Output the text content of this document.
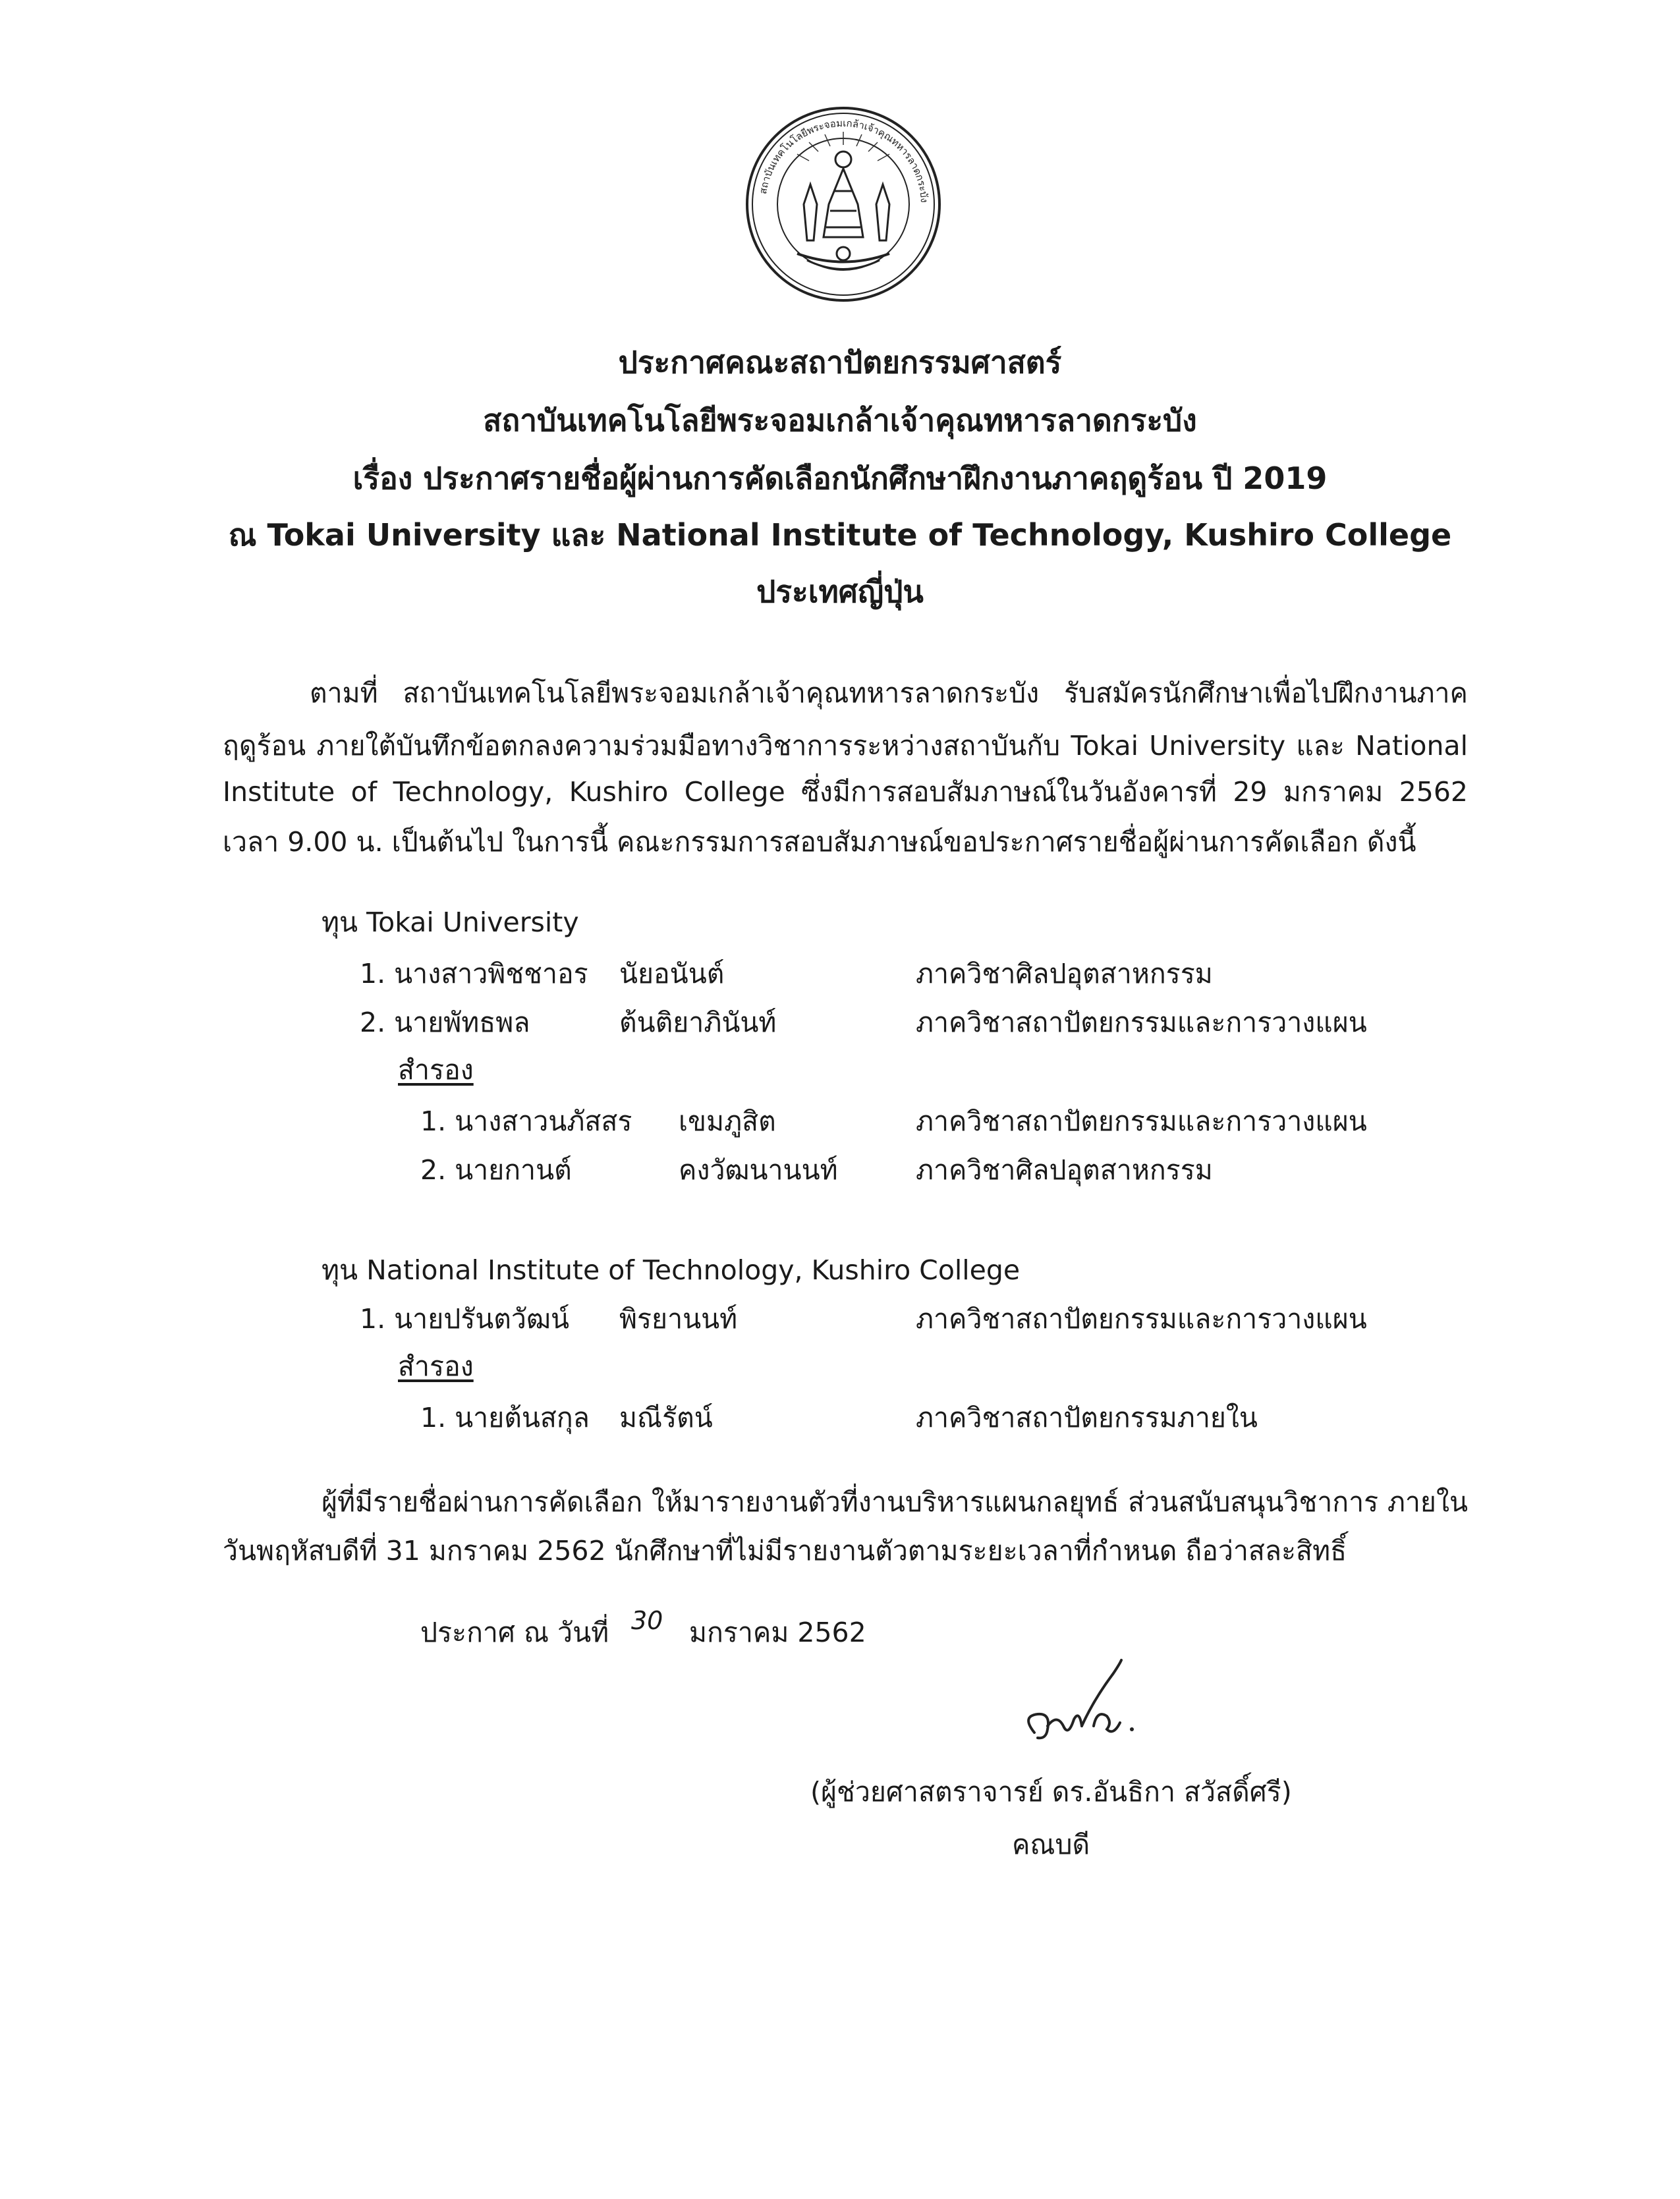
สถาบันเทคโนโลยีพระจอมเกล้าเจ้าคุณทหารลาดกระบัง
ประกาศคณะสถาปัตยกรรมศาสตร์
สถาบันเทคโนโลยีพระจอมเกล้าเจ้าคุณทหารลาดกระบัง
เรื่อง ประกาศรายชื่อผู้ผ่านการคัดเลือกนักศึกษาฝึกงานภาคฤดูร้อน ปี 2019
ณ Tokai University และ National Institute of Technology, Kushiro College
ประเทศญี่ปุ่น
ตามที่ สถาบันเทคโนโลยีพระจอมเกล้าเจ้าคุณทหารลาดกระบัง รับสมัครนักศึกษาเพื่อไปฝึกงานภาค
ฤดูร้อน ภายใต้บันทึกข้อตกลงความร่วมมือทางวิชาการระหว่างสถาบันกับ Tokai University และ National
Institute of Technology, Kushiro College ซึ่งมีการสอบสัมภาษณ์ในวันอังคารที่ 29 มกราคม 2562
เวลา 9.00 น. เป็นต้นไป ในการนี้ คณะกรรมการสอบสัมภาษณ์ขอประกาศรายชื่อผู้ผ่านการคัดเลือก ดังนี้
ทุน Tokai University
1. นางสาวพิชชาอร นัยอนันต์	ภาควิชาศิลปอุตสาหกรรม
2. นายพัทธพล	ต้นติยาภินันท์	ภาควิชาสถาปัตยกรรมและการวางแผน
สำรอง
1. นางสาวนภัสสร เขมภูสิต	ภาควิชาสถาปัตยกรรมและการวางแผน
2. นายกานต์	คงวัฒนานนท์	ภาควิชาศิลปอุตสาหกรรม
ทุน National Institute of Technology, Kushiro College
1. นายปรันตวัฒน์ พิรยานนท์	ภาควิชาสถาปัตยกรรมและการวางแผน
สำรอง
1. นายต้นสกุล มณีรัตน์	ภาควิชาสถาปัตยกรรมภายใน
ผู้ที่มีรายชื่อผ่านการคัดเลือก ให้มารายงานตัวที่งานบริหารแผนกลยุทธ์ ส่วนสนับสนุนวิชาการ ภายใน
วันพฤหัสบดีที่ 31 มกราคม 2562 นักศึกษาที่ไม่มีรายงานตัวตามระยะเวลาที่กำหนด ถือว่าสละสิทธิ์
ประกาศ ณ วันที่ 30 มกราคม 2562
(ผู้ช่วยศาสตราจารย์ ดร.อันธิกา สวัสดิ์ศรี)
คณบดี
